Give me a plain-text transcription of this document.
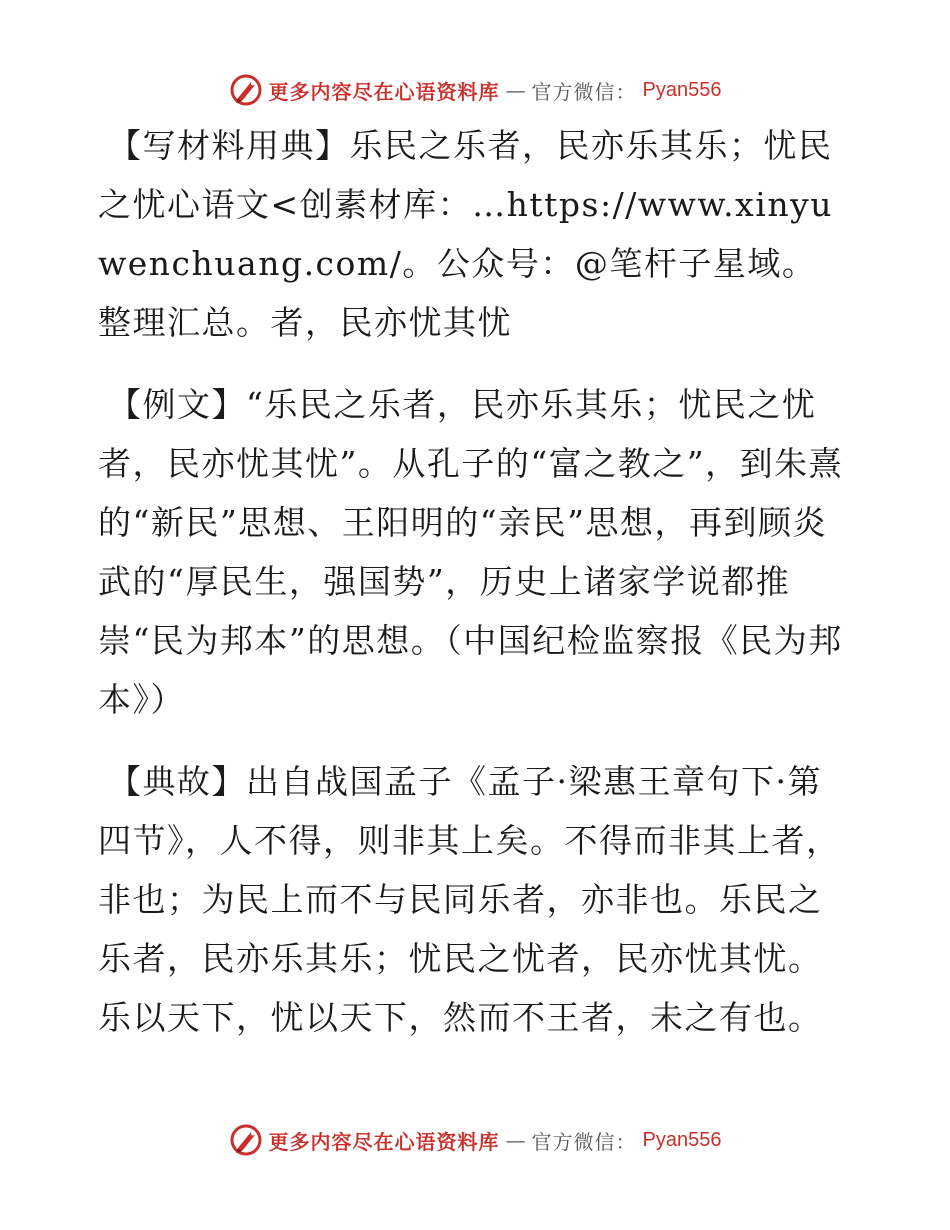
更多内容尽在心语资料库 — 官方微信： Pyan556

【写材料用典】乐民之乐者，民亦乐其乐；忧民之忧心语文<创素材库：…https://www.xinyuwenchuang.com/。公众号：@笔杆子星域。整理汇总。者，民亦忧其忧

【例文】“乐民之乐者，民亦乐其乐；忧民之忧者，民亦忧其忧”。从孔子的“富之教之”，到朱熹的“新民”思想、王阳明的“亲民”思想，再到顾炎武的“厚民生，强国势”，历史上诸家学说都推崇“民为邦本”的思想。（中国纪检监察报《民为邦本》）

【典故】出自战国孟子《孟子·梁惠王章句下·第四节》，人不得，则非其上矣。不得而非其上者，非也；为民上而不与民同乐者，亦非也。乐民之乐者，民亦乐其乐；忧民之忧者，民亦忧其忧。乐以天下，忧以天下，然而不王者，未之有也。

更多内容尽在心语资料库 — 官方微信： Pyan556
